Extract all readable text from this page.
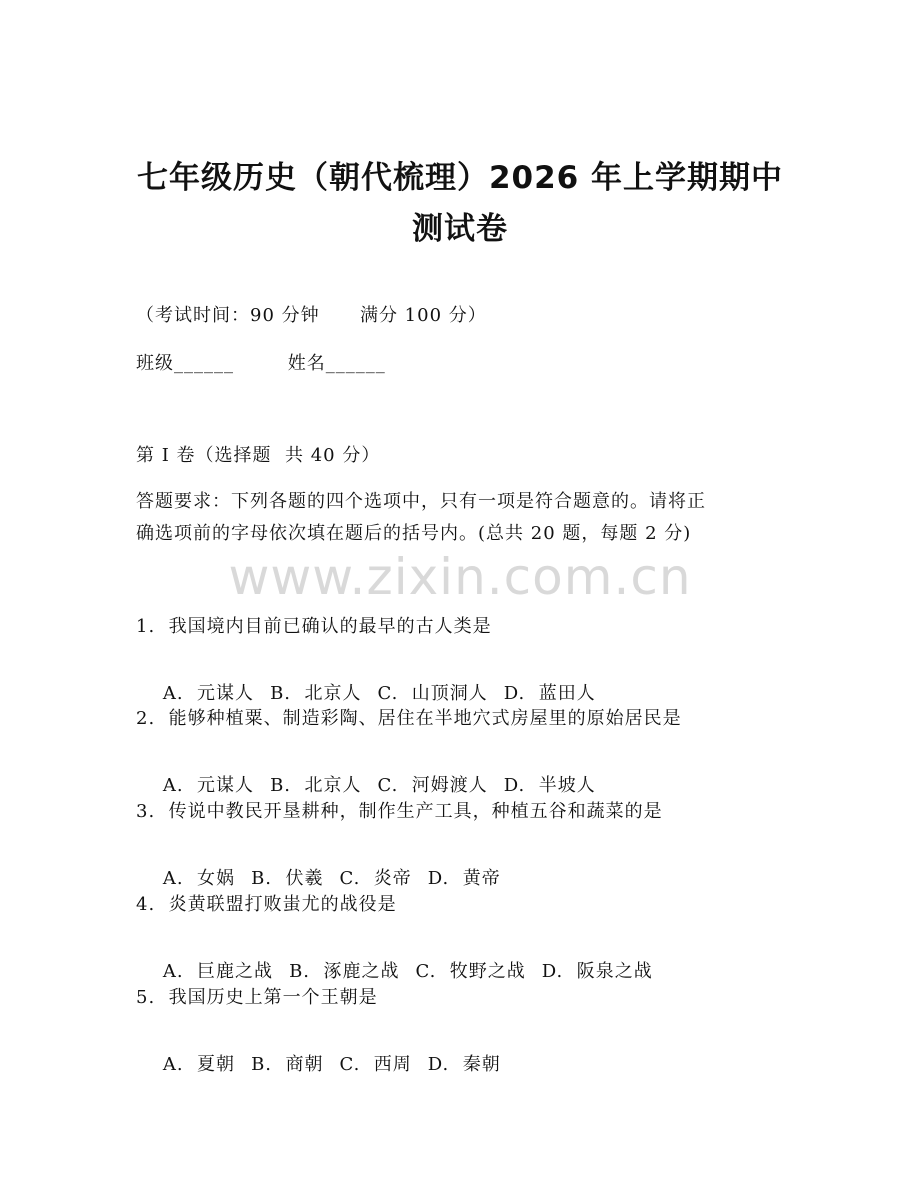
七年级历史（朝代梳理）2026 年上学期期中
测试卷
（考试时间：90 分钟      满分 100 分）
班级______        姓名______
第 I 卷（选择题  共 40 分）
答题要求：下列各题的四个选项中，只有一项是符合题意的。请将正
确选项前的字母依次填在题后的括号内。(总共 20 题，每题 2 分)
www.zixin.com.cn
1.  我国境内目前已确认的最早的古人类是

A.  元谋人 B.  北京人 C.  山顶洞人 D.  蓝田人

2.  能够种植粟、制造彩陶、居住在半地穴式房屋里的原始居民是

A.  元谋人 B.  北京人 C.  河姆渡人 D.  半坡人

3.  传说中教民开垦耕种，制作生产工具，种植五谷和蔬菜的是

A.  女娲 B.  伏羲 C.  炎帝 D.  黄帝

4.  炎黄联盟打败蚩尤的战役是

A.  巨鹿之战 B.  涿鹿之战 C.  牧野之战 D.  阪泉之战

5.  我国历史上第一个王朝是

A.  夏朝 B.  商朝 C.  西周 D.  秦朝
